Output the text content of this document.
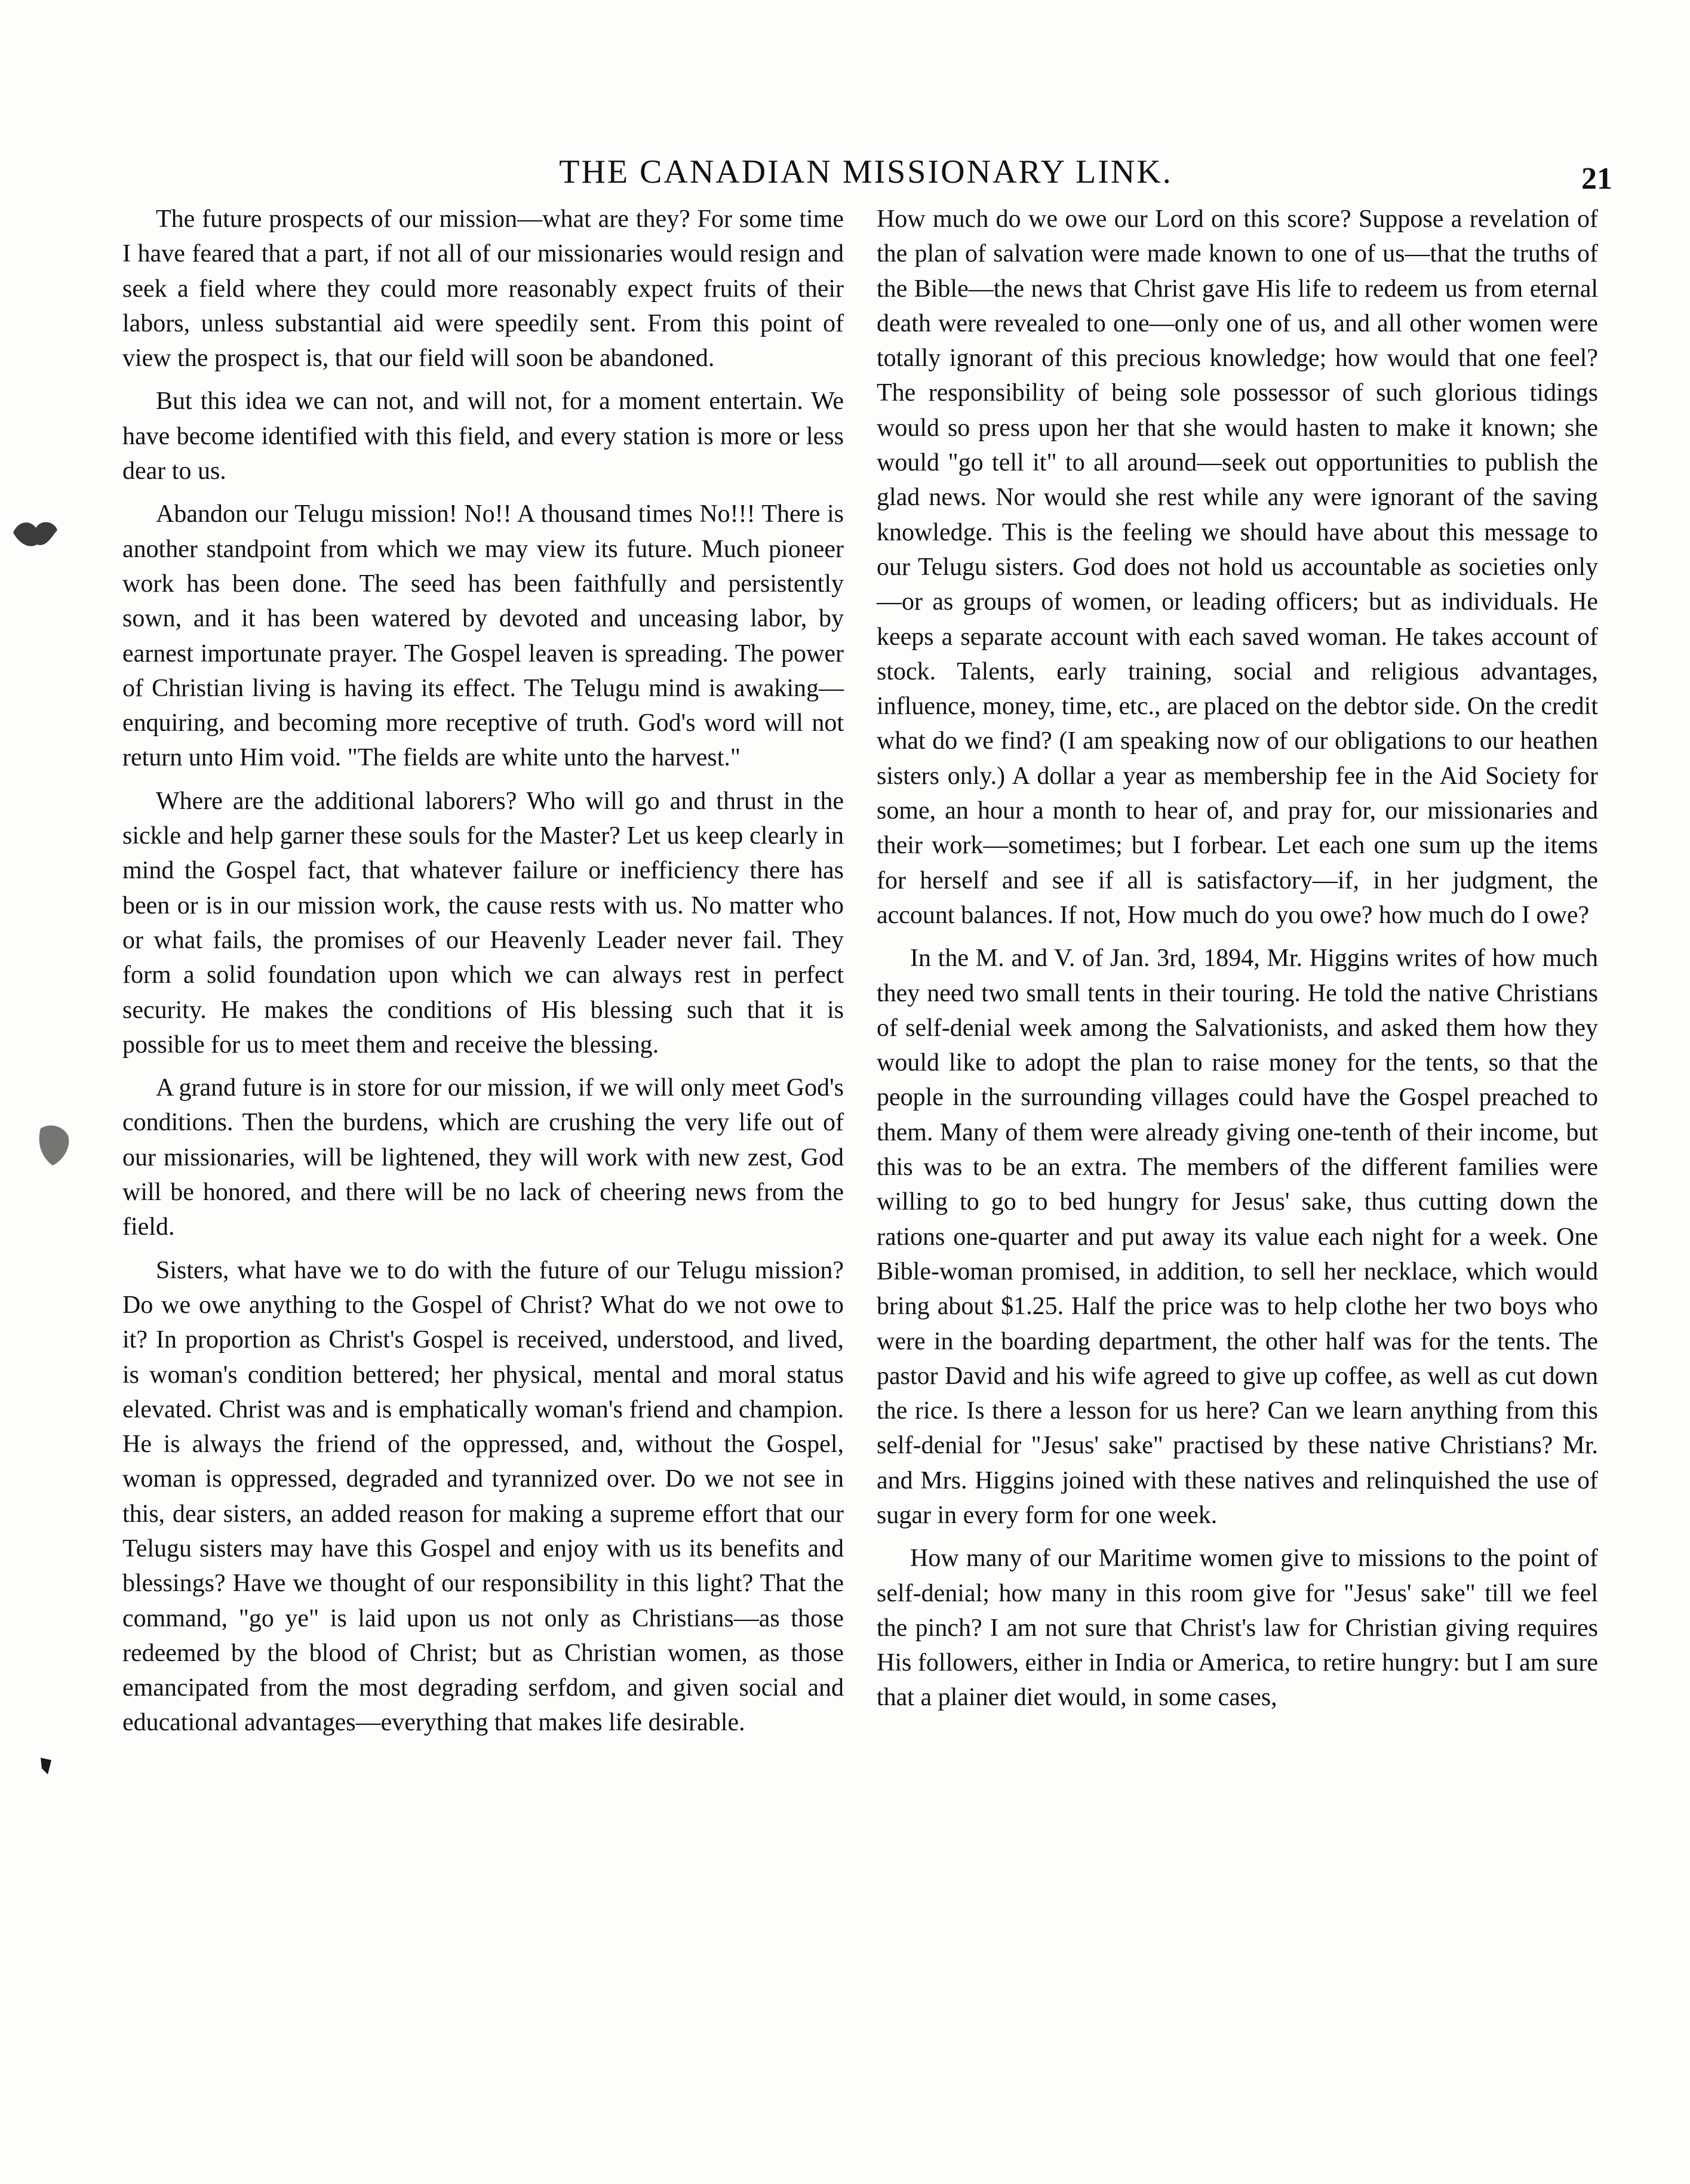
THE CANADIAN MISSIONARY LINK.	21

The future prospects of our mission—what are they? For some time I have feared that a part, if not all of our missionaries would resign and seek a field where they could more reasonably expect fruits of their labors, unless substantial aid were speedily sent. From this point of view the prospect is, that our field will soon be abandoned.

But this idea we can not, and will not, for a moment entertain. We have become identified with this field, and every station is more or less dear to us.

Abandon our Telugu mission! No!! A thousand times No!!! There is another standpoint from which we may view its future. Much pioneer work has been done. The seed has been faithfully and persistently sown, and it has been watered by devoted and unceasing labor, by earnest importunate prayer. The Gospel leaven is spreading. The power of Christian living is having its effect. The Telugu mind is awaking—enquiring, and becoming more receptive of truth. God's word will not return unto Him void. "The fields are white unto the harvest."

Where are the additional laborers? Who will go and thrust in the sickle and help garner these souls for the Master? Let us keep clearly in mind the Gospel fact, that whatever failure or inefficiency there has been or is in our mission work, the cause rests with us. No matter who or what fails, the promises of our Heavenly Leader never fail. They form a solid foundation upon which we can always rest in perfect security. He makes the conditions of His blessing such that it is possible for us to meet them and receive the blessing.

A grand future is in store for our mission, if we will only meet God's conditions. Then the burdens, which are crushing the very life out of our missionaries, will be lightened, they will work with new zest, God will be honored, and there will be no lack of cheering news from the field.

Sisters, what have we to do with the future of our Telugu mission? Do we owe anything to the Gospel of Christ? What do we not owe to it? In proportion as Christ's Gospel is received, understood, and lived, is woman's condition bettered; her physical, mental and moral status elevated. Christ was and is emphatically woman's friend and champion. He is always the friend of the oppressed, and, without the Gospel, woman is oppressed, degraded and tyrannized over. Do we not see in this, dear sisters, an added reason for making a supreme effort that our Telugu sisters may have this Gospel and enjoy with us its benefits and blessings? Have we thought of our responsibility in this light? That the command, "go ye" is laid upon us not only as Christians—as those redeemed by the blood of Christ; but as Christian women, as those emancipated from the most degrading serfdom, and given social and educational advantages—everything that makes life desirable.

How much do we owe our Lord on this score? Suppose a revelation of the plan of salvation were made known to one of us—that the truths of the Bible—the news that Christ gave His life to redeem us from eternal death were revealed to one—only one of us, and all other women were totally ignorant of this precious knowledge; how would that one feel? The responsibility of being sole possessor of such glorious tidings would so press upon her that she would hasten to make it known; she would "go tell it" to all around—seek out opportunities to publish the glad news. Nor would she rest while any were ignorant of the saving knowledge. This is the feeling we should have about this message to our Telugu sisters. God does not hold us accountable as societies only—or as groups of women, or leading officers; but as individuals. He keeps a separate account with each saved woman. He takes account of stock. Talents, early training, social and religious advantages, influence, money, time, etc., are placed on the debtor side. On the credit what do we find? (I am speaking now of our obligations to our heathen sisters only.) A dollar a year as membership fee in the Aid Society for some, an hour a month to hear of, and pray for, our missionaries and their work—sometimes; but I forbear. Let each one sum up the items for herself and see if all is satisfactory—if, in her judgment, the account balances. If not, How much do you owe? how much do I owe?

In the M. and V. of Jan. 3rd, 1894, Mr. Higgins writes of how much they need two small tents in their touring. He told the native Christians of self-denial week among the Salvationists, and asked them how they would like to adopt the plan to raise money for the tents, so that the people in the surrounding villages could have the Gospel preached to them. Many of them were already giving one-tenth of their income, but this was to be an extra. The members of the different families were willing to go to bed hungry for Jesus' sake, thus cutting down the rations one-quarter and put away its value each night for a week. One Bible-woman promised, in addition, to sell her necklace, which would bring about $1.25. Half the price was to help clothe her two boys who were in the boarding department, the other half was for the tents. The pastor David and his wife agreed to give up coffee, as well as cut down the rice. Is there a lesson for us here? Can we learn anything from this self-denial for "Jesus' sake" practised by these native Christians? Mr. and Mrs. Higgins joined with these natives and relinquished the use of sugar in every form for one week.

How many of our Maritime women give to missions to the point of self-denial; how many in this room give for "Jesus' sake" till we feel the pinch? I am not sure that Christ's law for Christian giving requires His followers, either in India or America, to retire hungry: but I am sure that a plainer diet would, in some cases,
